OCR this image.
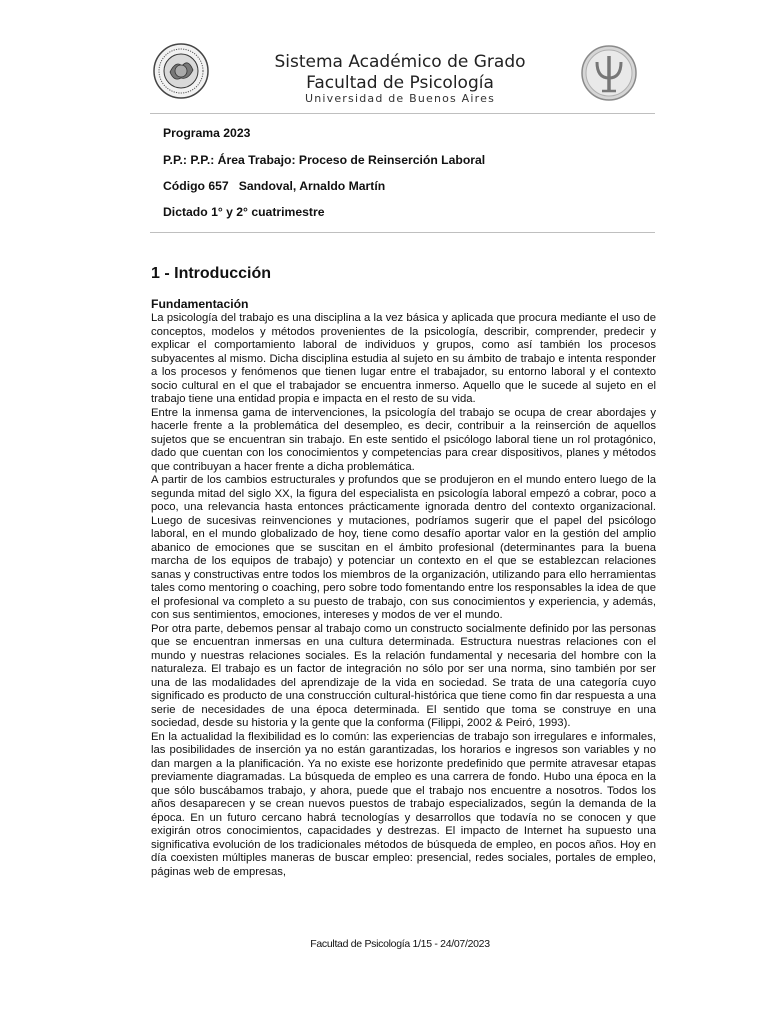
Sistema Académico de Grado
Facultad de Psicología
Universidad de Buenos Aires
Programa 2023
P.P.: P.P.: Área Trabajo: Proceso de Reinserción Laboral
Código 657 Sandoval, Arnaldo Martín
Dictado 1° y 2° cuatrimestre
1 - Introducción
Fundamentación

La psicología del trabajo es una disciplina a la vez básica y aplicada que procura mediante el uso de conceptos, modelos y métodos provenientes de la psicología, describir, comprender, predecir y explicar el comportamiento laboral de individuos y grupos, como así también los procesos subyacentes al mismo. Dicha disciplina estudia al sujeto en su ámbito de trabajo e intenta responder a los procesos y fenómenos que tienen lugar entre el trabajador, su entorno laboral y el contexto socio cultural en el que el trabajador se encuentra inmerso. Aquello que le sucede al sujeto en el trabajo tiene una entidad propia e impacta en el resto de su vida.

Entre la inmensa gama de intervenciones, la psicología del trabajo se ocupa de crear abordajes y hacerle frente a la problemática del desempleo, es decir, contribuir a la reinserción de aquellos sujetos que se encuentran sin trabajo. En este sentido el psicólogo laboral tiene un rol protagónico, dado que cuentan con los conocimientos y competencias para crear dispositivos, planes y métodos que contribuyan a hacer frente a dicha problemática.

A partir de los cambios estructurales y profundos que se produjeron en el mundo entero luego de la segunda mitad del siglo XX, la figura del especialista en psicología laboral empezó a cobrar, poco a poco, una relevancia hasta entonces prácticamente ignorada dentro del contexto organizacional. Luego de sucesivas reinvenciones y mutaciones, podríamos sugerir que el papel del psicólogo laboral, en el mundo globalizado de hoy, tiene como desafío aportar valor en la gestión del amplio abanico de emociones que se suscitan en el ámbito profesional (determinantes para la buena marcha de los equipos de trabajo) y potenciar un contexto en el que se establezcan relaciones sanas y constructivas entre todos los miembros de la organización, utilizando para ello herramientas tales como mentoring o coaching, pero sobre todo fomentando entre los responsables la idea de que el profesional va completo a su puesto de trabajo, con sus conocimientos y experiencia, y además, con sus sentimientos, emociones, intereses y modos de ver el mundo.

Por otra parte, debemos pensar al trabajo como un constructo socialmente definido por las personas que se encuentran inmersas en una cultura determinada. Estructura nuestras relaciones con el mundo y nuestras relaciones sociales. Es la relación fundamental y necesaria del hombre con la naturaleza. El trabajo es un factor de integración no sólo por ser una norma, sino también por ser una de las modalidades del aprendizaje de la vida en sociedad. Se trata de una categoría cuyo significado es producto de una construcción cultural-histórica que tiene como fin dar respuesta a una serie de necesidades de una época determinada. El sentido que toma se construye en una sociedad, desde su historia y la gente que la conforma (Filippi, 2002 & Peiró, 1993).

En la actualidad la flexibilidad es lo común: las experiencias de trabajo son irregulares e informales, las posibilidades de inserción ya no están garantizadas, los horarios e ingresos son variables y no dan margen a la planificación. Ya no existe ese horizonte predefinido que permite atravesar etapas previamente diagramadas. La búsqueda de empleo es una carrera de fondo. Hubo una época en la que sólo buscábamos trabajo, y ahora, puede que el trabajo nos encuentre a nosotros. Todos los años desaparecen y se crean nuevos puestos de trabajo especializados, según la demanda de la época. En un futuro cercano habrá tecnologías y desarrollos que todavía no se conocen y que exigirán otros conocimientos, capacidades y destrezas. El impacto de Internet ha supuesto una significativa evolución de los tradicionales métodos de búsqueda de empleo, en pocos años. Hoy en día coexisten múltiples maneras de buscar empleo: presencial, redes sociales, portales de empleo, páginas web de empresas,

Facultad de Psicología 1/15 - 24/07/2023
